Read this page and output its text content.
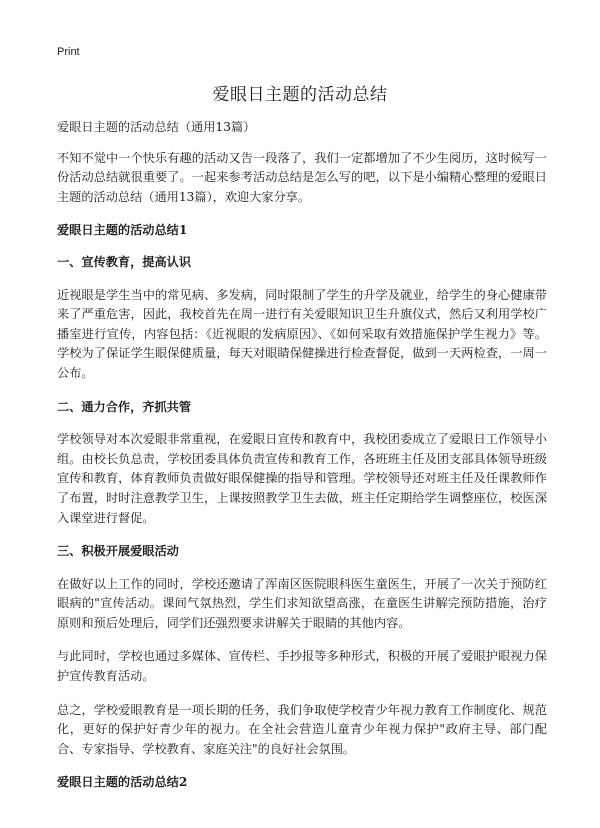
Print
爱眼日主题的活动总结

爱眼日主题的活动总结（通用13篇）

不知不觉中一个快乐有趣的活动又告一段落了，我们一定都增加了不少生阅历，这时候写一份活动总结就很重要了。一起来参考活动总结是怎么写的吧，以下是小编精心整理的爱眼日主题的活动总结（通用13篇），欢迎大家分享。

爱眼日主题的活动总结1

一、宣传教育，提高认识

近视眼是学生当中的常见病、多发病，同时限制了学生的升学及就业，给学生的身心健康带来了严重危害，因此，我校首先在周一进行有关爱眼知识卫生升旗仪式，然后又利用学校广播室进行宣传，内容包括：《近视眼的发病原因》、《如何采取有效措施保护学生视力》等。学校为了保证学生眼保健质量，每天对眼睛保健操进行检查督促，做到一天两检查，一周一公布。

二、通力合作，齐抓共管

学校领导对本次爱眼非常重视，在爱眼日宣传和教育中，我校团委成立了爱眼日工作领导小组。由校长负总责，学校团委具体负责宣传和教育工作，各班班主任及团支部具体领导班级宣传和教育，体育教师负责做好眼保健操的指导和管理。学校领导还对班主任及任课教师作了布置，时时注意教学卫生，上课按照教学卫生去做，班主任定期给学生调整座位，校医深入课堂进行督促。

三、积极开展爱眼活动

在做好以上工作的同时，学校还邀请了浑南区医院眼科医生童医生，开展了一次关于预防红眼病的"宣传活动。课间气氛热烈，学生们求知欲望高涨，在童医生讲解完预防措施，治疗原则和预后处理后，同学们还强烈要求讲解关于眼睛的其他内容。

与此同时，学校也通过多媒体、宣传栏、手抄报等多种形式，积极的开展了爱眼护眼视力保护宣传教育活动。

总之，学校爱眼教育是一项长期的任务，我们争取使学校青少年视力教育工作制度化、规范化，更好的保护好青少年的视力。在全社会营造儿童青少年视力保护"政府主导、部门配合、专家指导、学校教育、家庭关注"的良好社会氛围。

爱眼日主题的活动总结2
